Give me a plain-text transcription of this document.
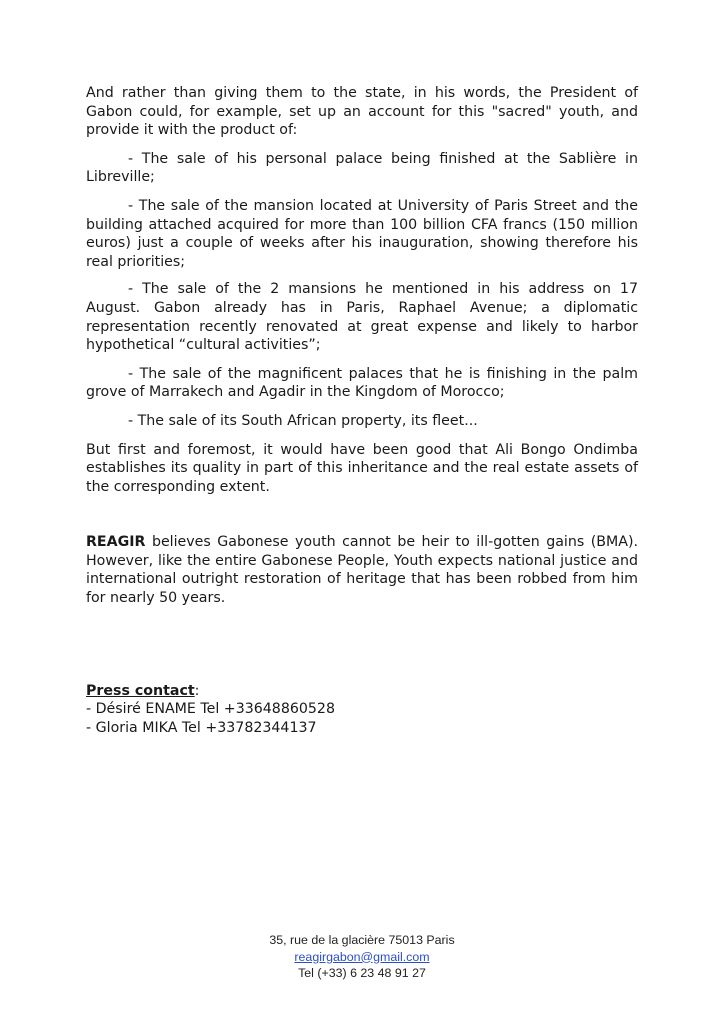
And rather than giving them to the state, in his words, the President of Gabon could, for example, set up an account for this "sacred" youth, and provide it with the product of:

- The sale of his personal palace being finished at the Sablière in Libreville;

- The sale of the mansion located at University of Paris Street and the building attached acquired for more than 100 billion CFA francs (150 million euros) just a couple of weeks after his inauguration, showing therefore his real priorities;

- The sale of the 2 mansions he mentioned in his address on 17 August. Gabon already has in Paris, Raphael Avenue; a diplomatic representation recently renovated at great expense and likely to harbor hypothetical “cultural activities”;

- The sale of the magnificent palaces that he is finishing in the palm grove of Marrakech and Agadir in the Kingdom of Morocco;

- The sale of its South African property, its fleet...

But first and foremost, it would have been good that Ali Bongo Ondimba establishes its quality in part of this inheritance and the real estate assets of the corresponding extent.

REAGIR believes Gabonese youth cannot be heir to ill-gotten gains (BMA). However, like the entire Gabonese People, Youth expects national justice and international outright restoration of heritage that has been robbed from him for nearly 50 years.

Press contact:
- Désiré ENAME Tel +33648860528
- Gloria MIKA Tel +33782344137
35, rue de la glacière 75013 Paris
reagirgabon@gmail.com
Tel (+33) 6 23 48 91 27
